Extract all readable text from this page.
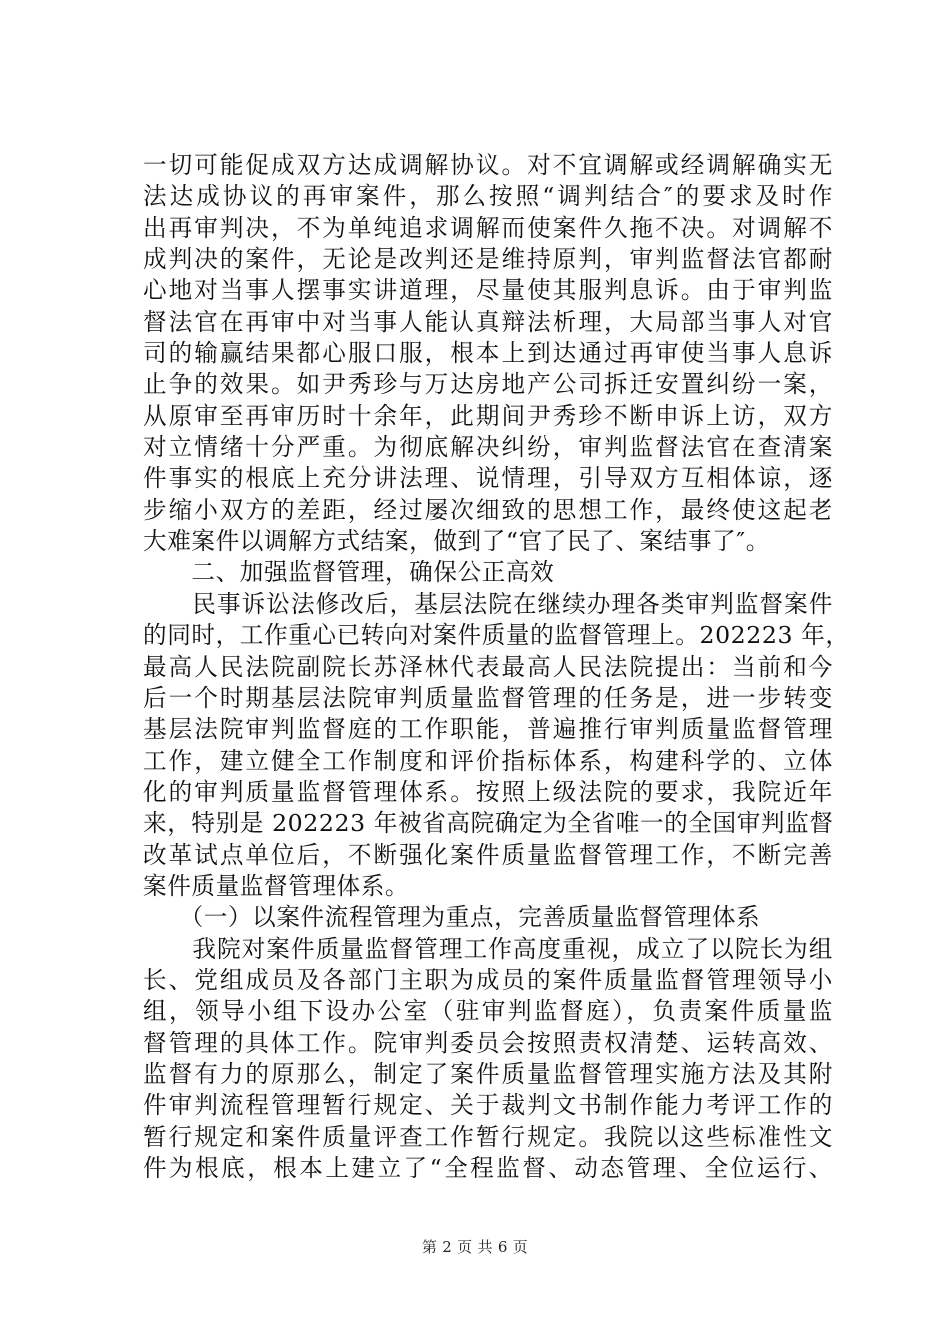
一切可能促成双方达成调解协议。对不宜调解或经调解确实无
法达成协议的再审案件，那么按照“调判结合″的要求及时作
出再审判决，不为单纯追求调解而使案件久拖不决。对调解不
成判决的案件，无论是改判还是维持原判，审判监督法官都耐
心地对当事人摆事实讲道理，尽量使其服判息诉。由于审判监
督法官在再审中对当事人能认真辩法析理，大局部当事人对官
司的输赢结果都心服口服，根本上到达通过再审使当事人息诉
止争的效果。如尹秀珍与万达房地产公司拆迁安置纠纷一案，
从原审至再审历时十余年，此期间尹秀珍不断申诉上访，双方
对立情绪十分严重。为彻底解决纠纷，审判监督法官在查清案
件事实的根底上充分讲法理、说情理，引导双方互相体谅，逐
步缩小双方的差距，经过屡次细致的思想工作，最终使这起老
大难案件以调解方式结案，做到了“官了民了、案结事了″。
　　二、加强监督管理，确保公正高效
　　民事诉讼法修改后，基层法院在继续办理各类审判监督案件
的同时，工作重心已转向对案件质量的监督管理上。202223 年，
最高人民法院副院长苏泽林代表最高人民法院提出：当前和今
后一个时期基层法院审判质量监督管理的任务是，进一步转变
基层法院审判监督庭的工作职能，普遍推行审判质量监督管理
工作，建立健全工作制度和评价指标体系，构建科学的、立体
化的审判质量监督管理体系。按照上级法院的要求，我院近年
来，特别是 202223 年被省高院确定为全省唯一的全国审判监督
改革试点单位后，不断强化案件质量监督管理工作，不断完善
案件质量监督管理体系。
　　（一）以案件流程管理为重点，完善质量监督管理体系
　　我院对案件质量监督管理工作高度重视，成立了以院长为组
长、党组成员及各部门主职为成员的案件质量监督管理领导小
组，领导小组下设办公室（驻审判监督庭），负责案件质量监
督管理的具体工作。院审判委员会按照责权清楚、运转高效、
监督有力的原那么，制定了案件质量监督管理实施方法及其附
件审判流程管理暂行规定、关于裁判文书制作能力考评工作的
暂行规定和案件质量评查工作暂行规定。我院以这些标准性文
件为根底，根本上建立了“全程监督、动态管理、全位运行、
第 2 页 共 6 页
